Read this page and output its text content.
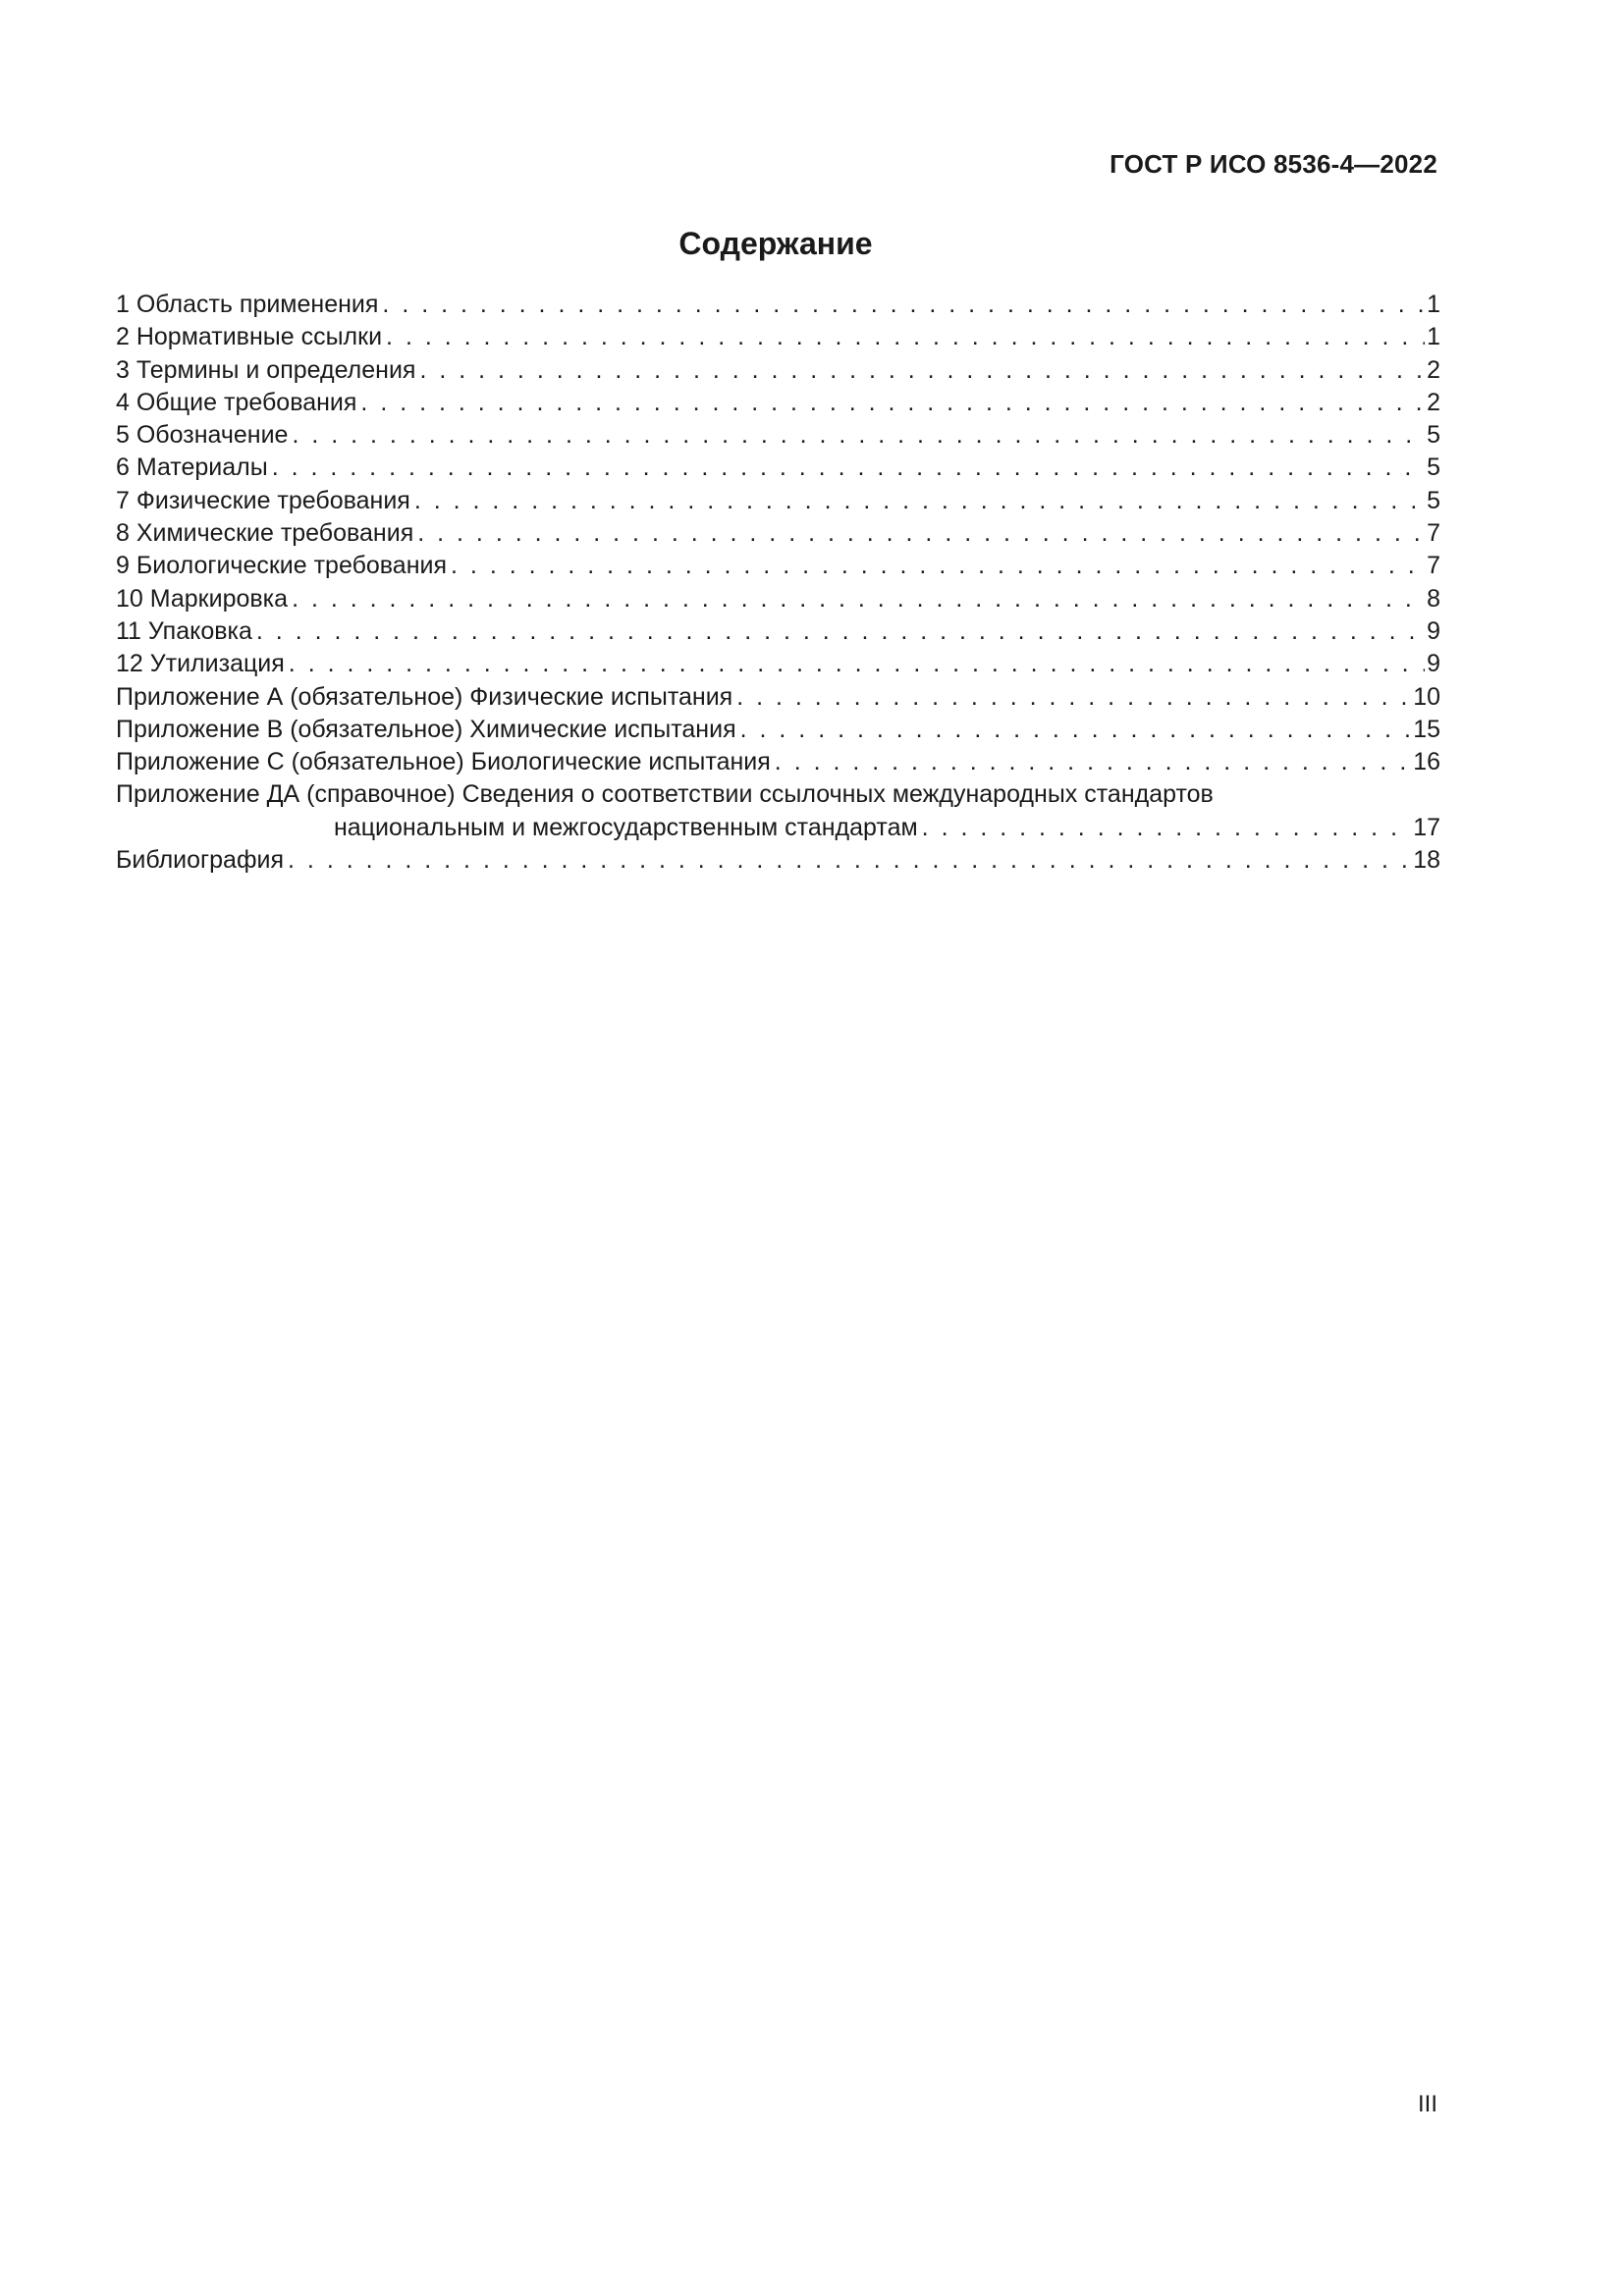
ГОСТ Р ИСО 8536-4—2022
Содержание
1 Область применения . . .	1
2 Нормативные ссылки . . .	1
3 Термины и определения . . .	2
4 Общие требования . . .	2
5 Обозначение . . .	5
6 Материалы . . .	5
7 Физические требования . . .	5
8 Химические требования . . .	7
9 Биологические требования . . .	7
10 Маркировка . . .	8
11 Упаковка . . .	9
12 Утилизация . . .	9
Приложение А (обязательное) Физические испытания . . .	10
Приложение В (обязательное) Химические испытания . . .	15
Приложение С (обязательное) Биологические испытания . . .	16
Приложение ДА (справочное) Сведения о соответствии ссылочных международных стандартов
национальным и межгосударственным стандартам . . .	17
Библиография . . .	18
III
